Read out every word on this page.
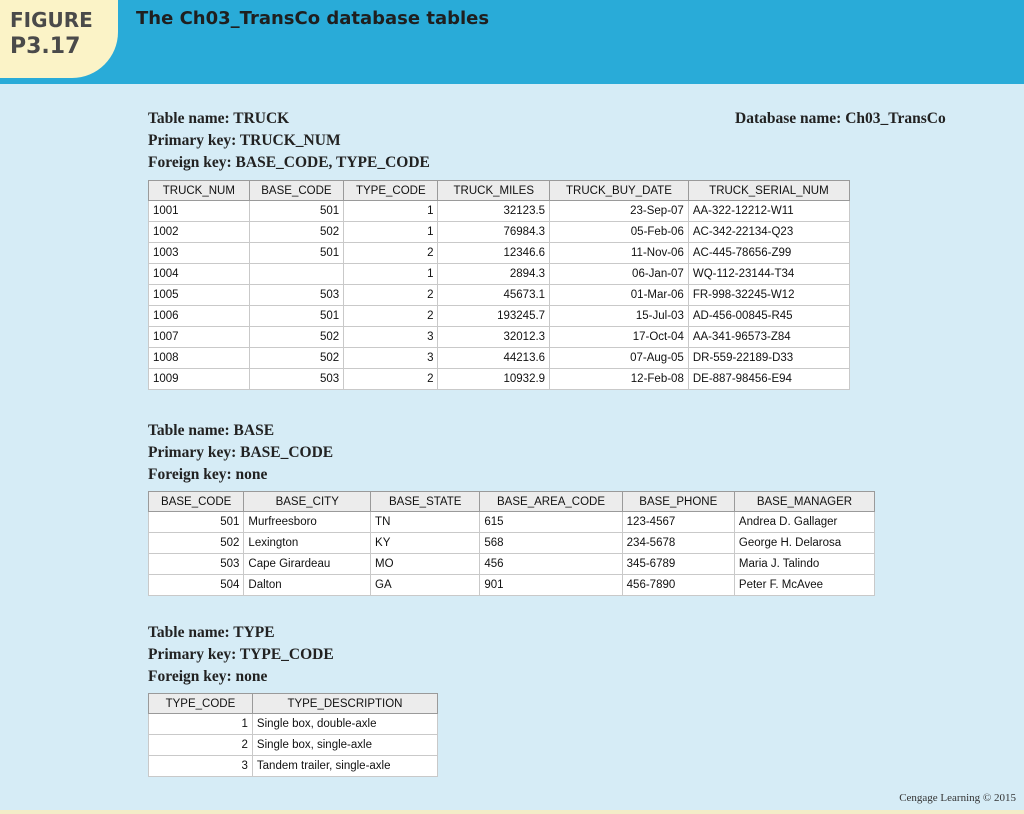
FIGURE
P3.17
The Ch03_TransCo database tables
Table name: TRUCK
Primary key: TRUCK_NUM
Foreign key: BASE_CODE, TYPE_CODE
Database name: Ch03_TransCo
TRUCK_NUM	BASE_CODE	TYPE_CODE	TRUCK_MILES	TRUCK_BUY_DATE	TRUCK_SERIAL_NUM
1001	501	1	32123.5	23-Sep-07	AA-322-12212-W11
1002	502	1	76984.3	05-Feb-06	AC-342-22134-Q23
1003	501	2	12346.6	11-Nov-06	AC-445-78656-Z99
1004		1	2894.3	06-Jan-07	WQ-112-23144-T34
1005	503	2	45673.1	01-Mar-06	FR-998-32245-W12
1006	501	2	193245.7	15-Jul-03	AD-456-00845-R45
1007	502	3	32012.3	17-Oct-04	AA-341-96573-Z84
1008	502	3	44213.6	07-Aug-05	DR-559-22189-D33
1009	503	2	10932.9	12-Feb-08	DE-887-98456-E94
Table name: BASE
Primary key: BASE_CODE
Foreign key: none
BASE_CODE	BASE_CITY	BASE_STATE	BASE_AREA_CODE	BASE_PHONE	BASE_MANAGER
501	Murfreesboro	TN	615	123-4567	Andrea D. Gallager
502	Lexington	KY	568	234-5678	George H. Delarosa
503	Cape Girardeau	MO	456	345-6789	Maria J. Talindo
504	Dalton	GA	901	456-7890	Peter F. McAvee
Table name: TYPE
Primary key: TYPE_CODE
Foreign key: none
TYPE_CODE	TYPE_DESCRIPTION
1	Single box, double-axle
2	Single box, single-axle
3	Tandem trailer, single-axle
Cengage Learning © 2015
